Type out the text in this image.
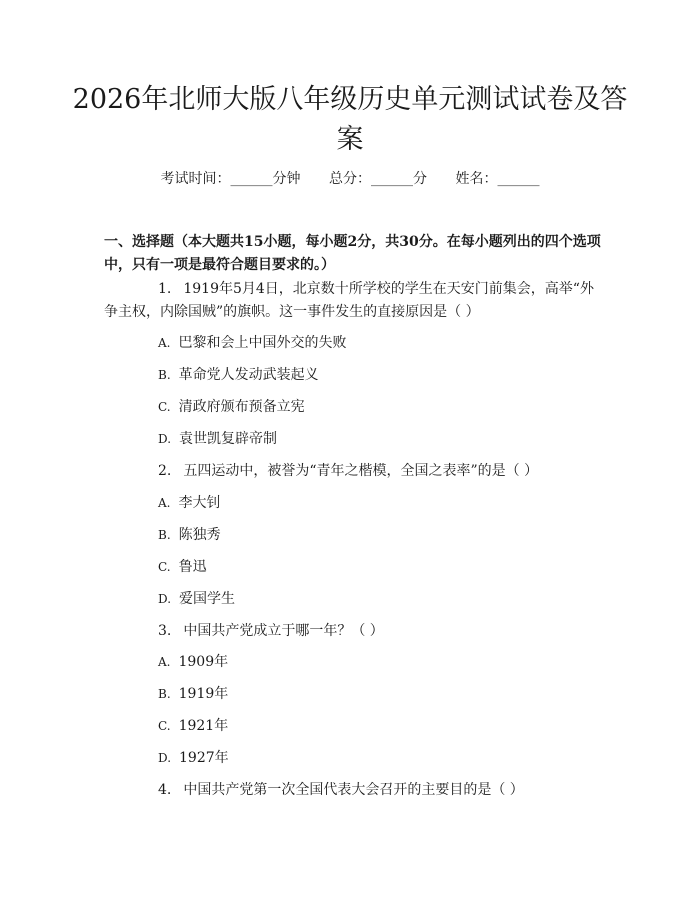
2026年北师大版八年级历史单元测试试卷及答案
考试时间：______分钟 总分：______分 姓名：______

一、选择题（本大题共15小题，每小题2分，共30分。在每小题列出的四个选项中，只有一项是最符合题目要求的。）

1. 1919年5月4日，北京数十所学校的学生在天安门前集会，高举“外争主权，内除国贼”的旗帜。这一事件发生的直接原因是（ ）

A. 巴黎和会上中国外交的失败
B. 革命党人发动武装起义
C. 清政府颁布预备立宪
D. 袁世凯复辟帝制

2. 五四运动中，被誉为“青年之楷模，全国之表率”的是（ ）

A. 李大钊
B. 陈独秀
C. 鲁迅
D. 爱国学生

3. 中国共产党成立于哪一年？（ ）

A. 1909年
B. 1919年
C. 1921年
D. 1927年

4. 中国共产党第一次全国代表大会召开的主要目的是（ ）
